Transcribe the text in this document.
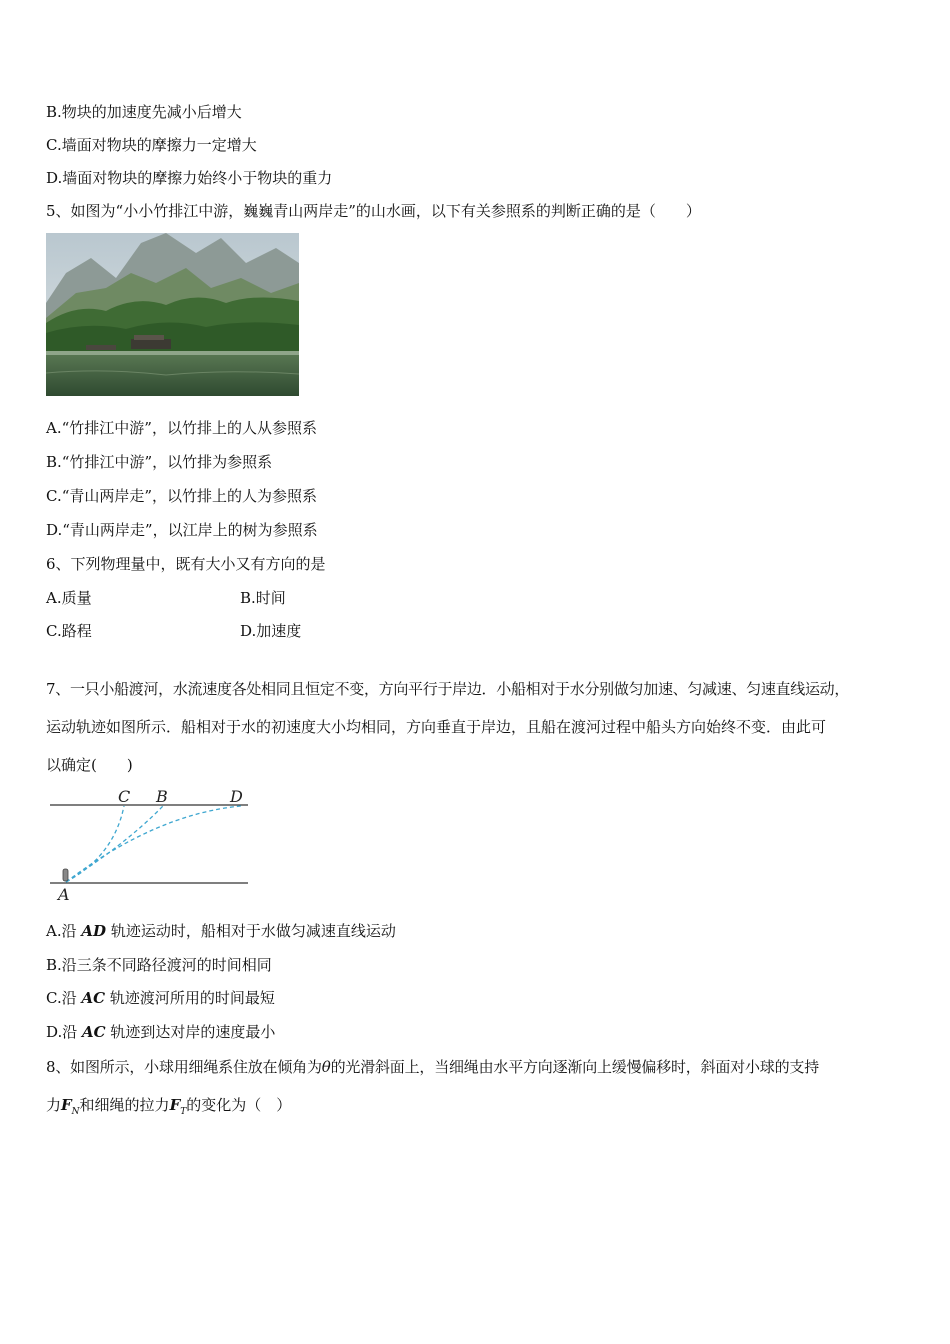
B.物块的加速度先减小后增大
C.墙面对物块的摩擦力一定增大
D.墙面对物块的摩擦力始终小于物块的重力
5、如图为“小小竹排江中游，巍巍青山两岸走”的山水画，以下有关参照系的判断正确的是（　　）
A.“竹排江中游”，以竹排上的人从参照系
B.“竹排江中游”，以竹排为参照系
C.“青山两岸走”，以竹排上的人为参照系
D.“青山两岸走”，以江岸上的树为参照系
6、下列物理量中，既有大小又有方向的是
A.质量	B.时间
C.路程	D.加速度
7、一只小船渡河，水流速度各处相同且恒定不变，方向平行于岸边．小船相对于水分别做匀加速、匀减速、匀速直线运动，
运动轨迹如图所示．船相对于水的初速度大小均相同，方向垂直于岸边，且船在渡河过程中船头方向始终不变．由此可
以确定(　　)
C B	D
A
A.沿 AD 轨迹运动时，船相对于水做匀减速直线运动
B.沿三条不同路径渡河的时间相同
C.沿 AC 轨迹渡河所用的时间最短
D.沿 AC 轨迹到达对岸的速度最小
8、如图所示，小球用细绳系住放在倾角为θ的光滑斜面上，当细绳由水平方向逐渐向上缓慢偏移时，斜面对小球的支持
力$F_N$和细绳的拉力$F_T$的变化为（　）
